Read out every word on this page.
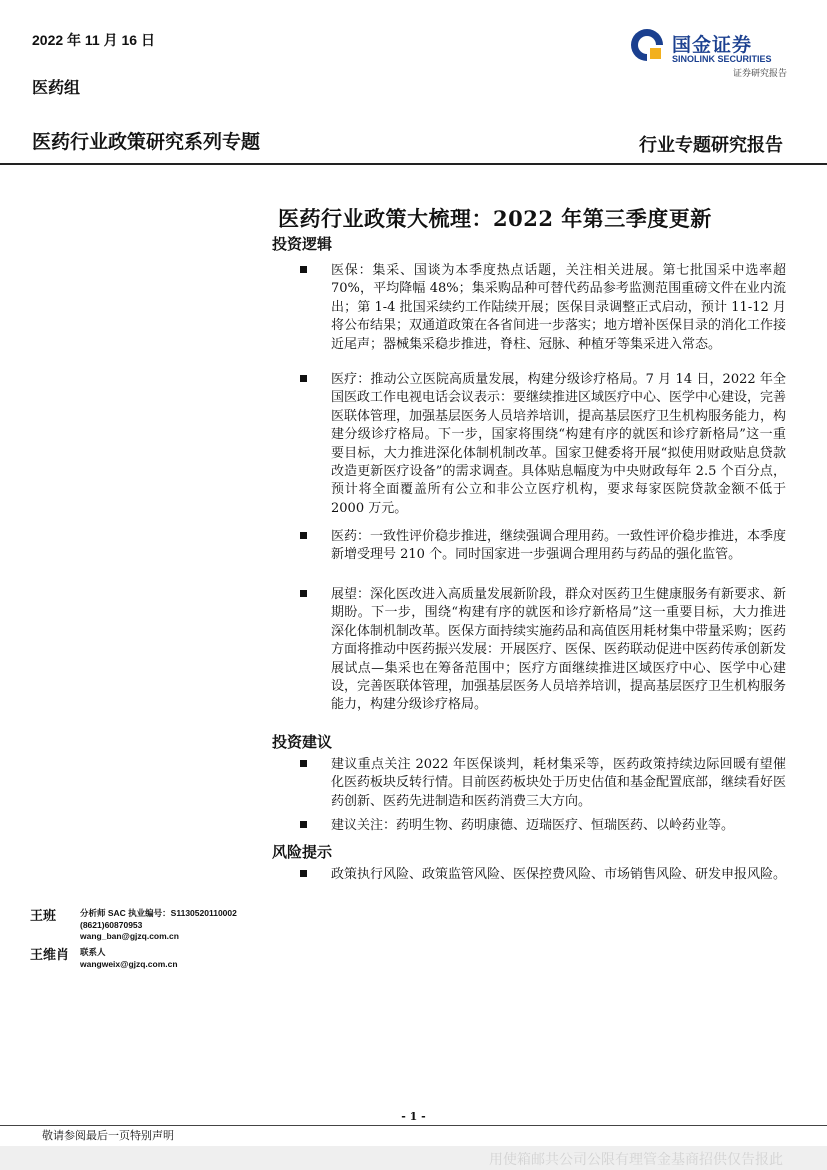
2022 年 11 月 16 日
医药组
国金证券
SINOLINK SECURITIES
证券研究报告
医药行业政策研究系列专题	行业专题研究报告
医药行业政策大梳理：2022 年第三季度更新
投资逻辑
医保：集采、国谈为本季度热点话题，关注相关进展。第七批国采中选率超 70%，平均降幅 48%；集采购品种可替代药品参考监测范围重磅文件在业内流出；第 1-4 批国采续约工作陆续开展；医保目录调整正式启动，预计 11-12 月将公布结果；双通道政策在各省间进一步落实；地方增补医保目录的消化工作接近尾声；器械集采稳步推进，脊柱、冠脉、种植牙等集采进入常态。
医疗：推动公立医院高质量发展，构建分级诊疗格局。7 月 14 日，2022 年全国医政工作电视电话会议表示：要继续推进区域医疗中心、医学中心建设，完善医联体管理，加强基层医务人员培养培训，提高基层医疗卫生机构服务能力，构建分级诊疗格局。下一步，国家将围绕“构建有序的就医和诊疗新格局”这一重要目标，大力推进深化体制机制改革。国家卫健委将开展“拟使用财政贴息贷款改造更新医疗设备”的需求调查。具体贴息幅度为中央财政每年 2.5 个百分点，预计将全面覆盖所有公立和非公立医疗机构，要求每家医院贷款金额不低于 2000 万元。
医药：一致性评价稳步推进，继续强调合理用药。一致性评价稳步推进，本季度新增受理号 210 个。同时国家进一步强调合理用药与药品的强化监管。
展望：深化医改进入高质量发展新阶段，群众对医药卫生健康服务有新要求、新期盼。下一步，围绕“构建有序的就医和诊疗新格局”这一重要目标，大力推进深化体制机制改革。医保方面持续实施药品和高值医用耗材集中带量采购；医药方面将推动中医药振兴发展：开展医疗、医保、医药联动促进中医药传承创新发展试点—集采也在筹备范围中；医疗方面继续推进区域医疗中心、医学中心建设，完善医联体管理，加强基层医务人员培养培训，提高基层医疗卫生机构服务能力，构建分级诊疗格局。
投资建议
建议重点关注 2022 年医保谈判，耗材集采等，医药政策持续边际回暖有望催化医药板块反转行情。目前医药板块处于历史估值和基金配置底部，继续看好医药创新、医药先进制造和医药消费三大方向。
建议关注：药明生物、药明康德、迈瑞医疗、恒瑞医药、以岭药业等。
风险提示
政策执行风险、政策监管风险、医保控费风险、市场销售风险、研发申报风险。
王班	分析师 SAC 执业编号：S1130520110002
(8621)60870953
wang_ban@gjzq.com.cn
王维肖 联系人
wangweix@gjzq.com.cn
- 1 -
敬请参阅最后一页特别声明
用使箱邮共公司公限有理管金基商招供仅告报此
